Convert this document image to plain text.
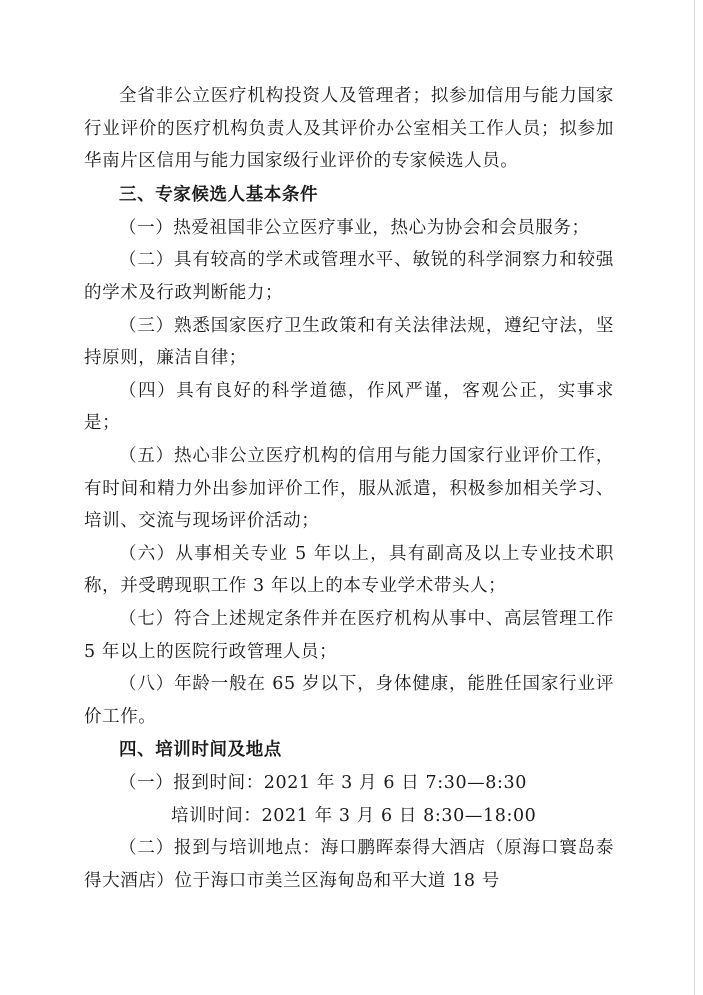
全省非公立医疗机构投资人及管理者；拟参加信用与能力国家行业评价的医疗机构负责人及其评价办公室相关工作人员；拟参加华南片区信用与能力国家级行业评价的专家候选人员。

三、专家候选人基本条件

（一）热爱祖国非公立医疗事业，热心为协会和会员服务；

（二）具有较高的学术或管理水平、敏锐的科学洞察力和较强的学术及行政判断能力；

（三）熟悉国家医疗卫生政策和有关法律法规，遵纪守法，坚持原则，廉洁自律；

（四）具有良好的科学道德，作风严谨，客观公正，实事求是；

（五）热心非公立医疗机构的信用与能力国家行业评价工作，有时间和精力外出参加评价工作，服从派遣，积极参加相关学习、培训、交流与现场评价活动；

（六）从事相关专业 5 年以上，具有副高及以上专业技术职称，并受聘现职工作 3 年以上的本专业学术带头人；

（七）符合上述规定条件并在医疗机构从事中、高层管理工作 5 年以上的医院行政管理人员；

（八）年龄一般在 65 岁以下，身体健康，能胜任国家行业评价工作。

四、培训时间及地点

（一）报到时间：2021 年 3 月 6 日 7:30—8:30

培训时间：2021 年 3 月 6 日 8:30—18:00

（二）报到与培训地点：海口鹏晖泰得大酒店（原海口寰岛泰得大酒店）位于海口市美兰区海甸岛和平大道 18 号
